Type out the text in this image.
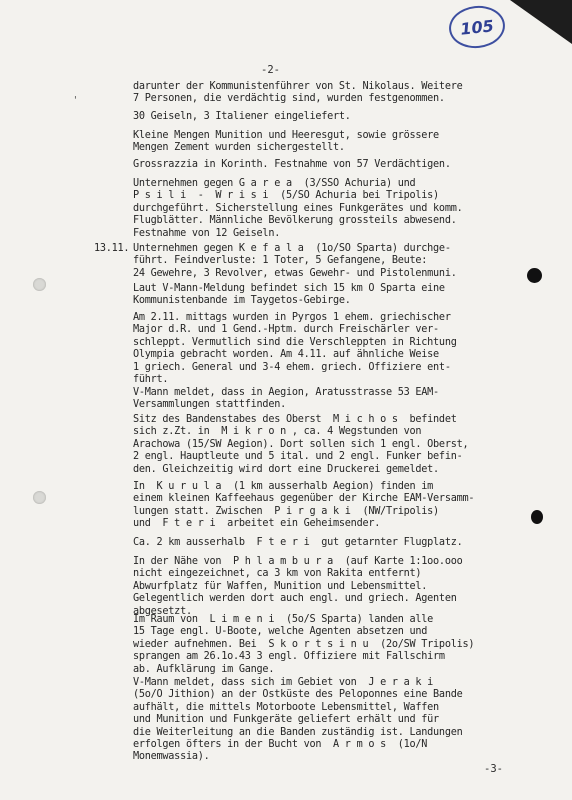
105
'
-2-
darunter der Kommunistenführer von St. Nikolaus. Weitere
7 Personen, die verdächtig sind, wurden festgenommen.
30 Geiseln, 3 Italiener eingeliefert.
Kleine Mengen Munition und Heeresgut, sowie grössere
Mengen Zement wurden sichergestellt.
Grossrazzia in Korinth. Festnahme von 57 Verdächtigen.
Unternehmen gegen G a r e a  (3/SSO Achuria) und
P s i l i  -  W r i s i  (5/SO Achuria bei Tripolis)
durchgeführt. Sicherstellung eines Funkgerätes und komm.
Flugblätter. Männliche Bevölkerung grossteils abwesend.
Festnahme von 12 Geiseln.
13.11. Unternehmen gegen K e f a l a  (1o/SO Sparta) durchge-
führt. Feindverluste: 1 Toter, 5 Gefangene, Beute:
24 Gewehre, 3 Revolver, etwas Gewehr- und Pistolenmuni.
Laut V-Mann-Meldung befindet sich 15 km O Sparta eine
Kommunistenbande im Taygetos-Gebirge.
Am 2.11. mittags wurden in Pyrgos 1 ehem. griechischer
Major d.R. und 1 Gend.-Hptm. durch Freischärler ver-
schleppt. Vermutlich sind die Verschleppten in Richtung
Olympia gebracht worden. Am 4.11. auf ähnliche Weise
1 griech. General und 3-4 ehem. griech. Offiziere ent-
führt.
V-Mann meldet, dass in Aegion, Aratusstrasse 53 EAM-
Versammlungen stattfinden.
Sitz des Bandenstabes des Oberst  M i c h o s  befindet
sich z.Zt. in  M i k r o n , ca. 4 Wegstunden von
Arachowa (15/SW Aegion). Dort sollen sich 1 engl. Oberst,
2 engl. Hauptleute und 5 ital. und 2 engl. Funker befin-
den. Gleichzeitig wird dort eine Druckerei gemeldet.
In  K u r u l a  (1 km ausserhalb Aegion) finden im
einem kleinen Kaffeehaus gegenüber der Kirche EAM-Versamm-
lungen statt. Zwischen  P i r g a k i  (NW/Tripolis)
und  F t e r i  arbeitet ein Geheimsender.
Ca. 2 km ausserhalb  F t e r i  gut getarnter Flugplatz.
In der Nähe von  P h l a m b u r a  (auf Karte 1:1oo.ooo
nicht eingezeichnet, ca 3 km von Rakita entfernt)
Abwurfplatz für Waffen, Munition und Lebensmittel.
Gelegentlich werden dort auch engl. und griech. Agenten
abgesetzt.
Im Raum von  L i m e n i  (5o/S Sparta) landen alle
15 Tage engl. U-Boote, welche Agenten absetzen und
wieder aufnehmen. Bei  S k o r t s i n u  (2o/SW Tripolis)
sprangen am 26.1o.43 3 engl. Offiziere mit Fallschirm
ab. Aufklärung im Gange.
V-Mann meldet, dass sich im Gebiet von  J e r a k i
(5o/O Jithion) an der Ostküste des Peloponnes eine Bande
aufhält, die mittels Motorboote Lebensmittel, Waffen
und Munition und Funkgeräte geliefert erhält und für
die Weiterleitung an die Banden zuständig ist. Landungen
erfolgen öfters in der Bucht von  A r m o s  (1o/N
Monemwassia).
-3-
